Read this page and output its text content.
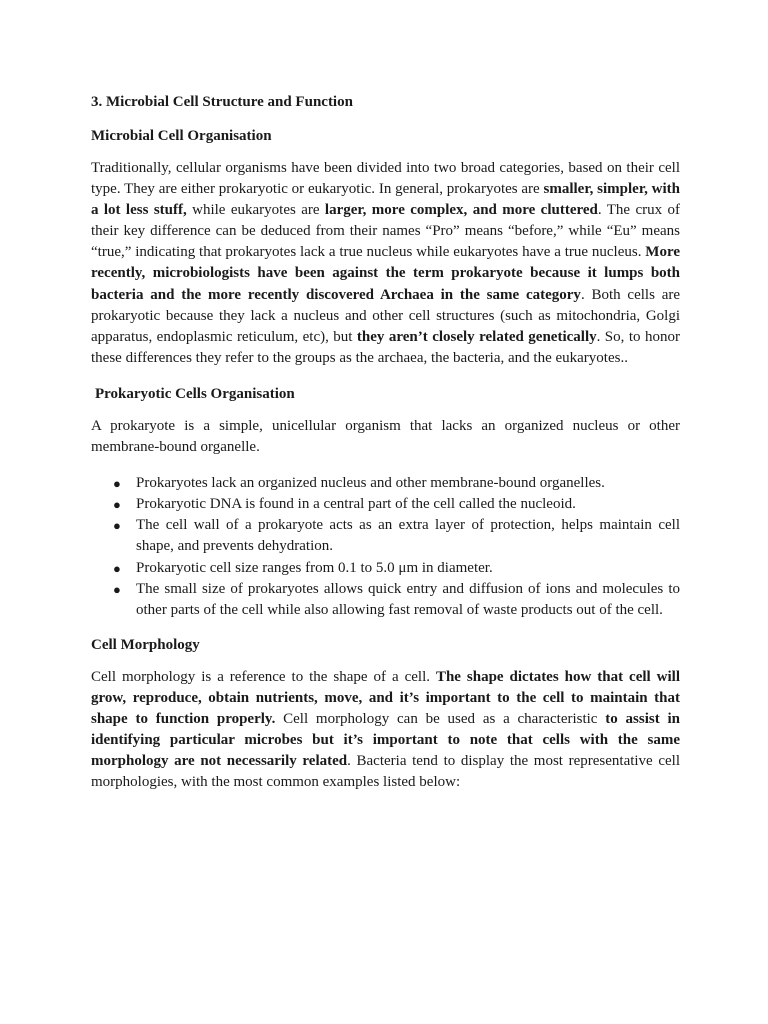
3. Microbial Cell Structure and Function
Microbial Cell Organisation

Traditionally, cellular organisms have been divided into two broad categories, based on their cell type. They are either prokaryotic or eukaryotic. In general, prokaryotes are smaller, simpler, with a lot less stuff, while eukaryotes are larger, more complex, and more cluttered. The crux of their key difference can be deduced from their names “Pro” means “before,” while “Eu” means “true,” indicating that prokaryotes lack a true nucleus while eukaryotes have a true nucleus. More recently, microbiologists have been against the term prokaryote because it lumps both bacteria and the more recently discovered Archaea in the same category. Both cells are prokaryotic because they lack a nucleus and other cell structures (such as mitochondria, Golgi apparatus, endoplasmic reticulum, etc), but they aren’t closely related genetically. So, to honor these differences they refer to the groups as the archaea, the bacteria, and the eukaryotes..

Prokaryotic Cells Organisation

A prokaryote is a simple, unicellular organism that lacks an organized nucleus or other membrane-bound organelle.

● Prokaryotes lack an organized nucleus and other membrane-bound organelles.
● Prokaryotic DNA is found in a central part of the cell called the nucleoid.
● The cell wall of a prokaryote acts as an extra layer of protection, helps maintain cell shape, and prevents dehydration.
● Prokaryotic cell size ranges from 0.1 to 5.0 μm in diameter.
● The small size of prokaryotes allows quick entry and diffusion of ions and molecules to other parts of the cell while also allowing fast removal of waste products out of the cell.
Cell Morphology

Cell morphology is a reference to the shape of a cell. The shape dictates how that cell will grow, reproduce, obtain nutrients, move, and it’s important to the cell to maintain that shape to function properly. Cell morphology can be used as a characteristic to assist in identifying particular microbes but it’s important to note that cells with the same morphology are not necessarily related. Bacteria tend to display the most representative cell morphologies, with the most common examples listed below:
